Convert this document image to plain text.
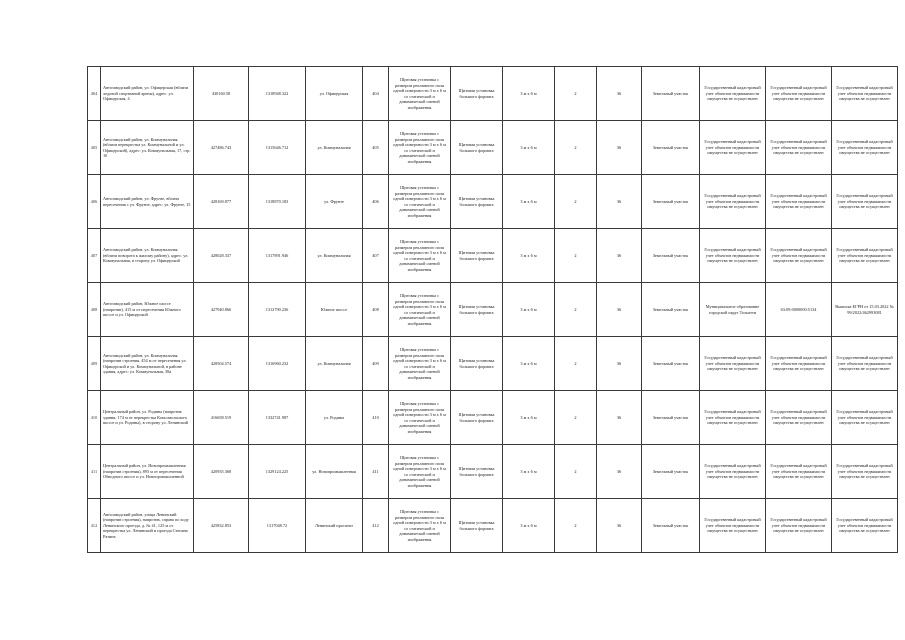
404	Автозаводский район, ул. Офицерская (вблизи ледовой спортивной арены), адрес: ул. Офицерская, 4	430160.58	1318948.322	ул. Офицерская	404	Щитовая установка с размером рекламного поля одной поверхности 3 м х 6 м со статической и динамической сменой изображения	Щитовая установка большого формата	3 м х 6 м	2	36	Земельный участок	Государственный кадастровый учет объектов недвижимости имущества не осуществлен	Государственный кадастровый учет объектов недвижимости имущества не осуществлен	Государственный кадастровый учет объектов недвижимости имущества не осуществлен
405	Автозаводский район, ул. Коммунальная (вблизи перекрестка ул. Коммунальной и ул. Офицерской), адрес: ул. Коммунальная, 17, стр. 10	427486.743	1315646.712	ул. Коммунальная	405	Щитовая установка с размером рекламного поля одной поверхности 3 м х 6 м со статической и динамической сменой изображения	Щитовая установка большого формата	3 м х 6 м	2	36	Земельный участок	Государственный кадастровый учет объектов недвижимости имущества не осуществлен	Государственный кадастровый учет объектов недвижимости имущества не осуществлен	Государственный кадастровый учет объектов недвижимости имущества не осуществлен
406	Автозаводский район, ул. Фрунзе, вблизи пересечения с ул. Фрунзе, адрес: ул. Фрунзе, 15	428169.877	1318870.183	ул. Фрунзе	406	Щитовая установка с размером рекламного поля одной поверхности 3 м х 6 м со статической и динамической сменой изображения	Щитовая установка большого формата	3 м х 6 м	2	36	Земельный участок	Государственный кадастровый учет объектов недвижимости имущества не осуществлен	Государственный кадастровый учет объектов недвижимости имущества не осуществлен	Государственный кадастровый учет объектов недвижимости имущества не осуществлен
407	Автозаводский район, ул. Коммунальная (вблизи поворота к жилому району), адрес: ул. Коммунальная, в сторону ул. Офицерской	428028.337	1317891.946	ул. Коммунальная	407	Щитовая установка с размером рекламного поля одной поверхности 3 м х 6 м со статической и динамической сменой изображения	Щитовая установка большого формата	3 м х 6 м	2	36	Земельный участок	Государственный кадастровый учет объектов недвижимости имущества не осуществлен	Государственный кадастровый учет объектов недвижимости имущества не осуществлен	Государственный кадастровый учет объектов недвижимости имущества не осуществлен
408	Автозаводский район, Южное шоссе (напротив), 415 м от пересечения Южного шоссе и ул. Офицерской	427940.866	1312790.236	Южное шоссе	408	Щитовая установка с размером рекламного поля одной поверхности 3 м х 6 м со статической и динамической сменой изображения	Щитовая установка большого формата	3 м х 6 м	2	36	Земельный участок	Муниципальное образование городской округ Тольятти	63:09:0000000:5134	Выписка ЕГРН от 15.03.2022 № 99/2022/462993081
409	Автозаводский район, ул. Коммунальная (напротив строения, 454 м от пересечения ул. Офицерской и ул. Коммунальной, в районе здания, адрес: ул. Коммунальная, 38а	428504.574	1316960.232	ул. Коммунальная	409	Щитовая установка с размером рекламного поля одной поверхности 3 м х 6 м со статической и динамической сменой изображения	Щитовая установка большого формата	3 м х 6 м	2	36	Земельный участок	Государственный кадастровый учет объектов недвижимости имущества не осуществлен	Государственный кадастровый учет объектов недвижимости имущества не осуществлен	Государственный кадастровый учет объектов недвижимости имущества не осуществлен
410	Центральный район, ул. Родины (напротив здания, 174 м от перекрестка Комсомольского шоссе и ул. Родины), в сторону ул. Ленинский	416658.519	1332741.987	ул. Родины	410	Щитовая установка с размером рекламного поля одной поверхности 3 м х 6 м со статической и динамической сменой изображения	Щитовая установка большого формата	3 м х 6 м	2	36	Земельный участок	Государственный кадастровый учет объектов недвижимости имущества не осуществлен	Государственный кадастровый учет объектов недвижимости имущества не осуществлен	Государственный кадастровый учет объектов недвижимости имущества не осуществлен
411	Центральный район, ул. Новопромышленная (напротив строения), 895 м от пересечения Обводного шоссе и ул. Новопромышленной	420935.368	1329124.225	ул. Новопромышленная	411	Щитовая установка с размером рекламного поля одной поверхности 3 м х 6 м со статической и динамической сменой изображения	Щитовая установка большого формата	3 м х 6 м	2	36	Земельный участок	Государственный кадастровый учет объектов недвижимости имущества не осуществлен	Государственный кадастровый учет объектов недвижимости имущества не осуществлен	Государственный кадастровый учет объектов недвижимости имущества не осуществлен
412	Автозаводский район, улица Ленинский (напротив строения), напротив, справа по ходу Ленинского проезда, д. № 41, 125 м от перекрестка ул. Ленинский и проезда Степана Разина	425832.853	1317048.72	Ленинский проспект	412	Щитовая установка с размером рекламного поля одной поверхности 3 м х 6 м со статической и динамической сменой изображения	Щитовая установка большого формата	3 м х 6 м	2	36	Земельный участок	Государственный кадастровый учет объектов недвижимости имущества не осуществлен	Государственный кадастровый учет объектов недвижимости имущества не осуществлен	Государственный кадастровый учет объектов недвижимости имущества не осуществлен
